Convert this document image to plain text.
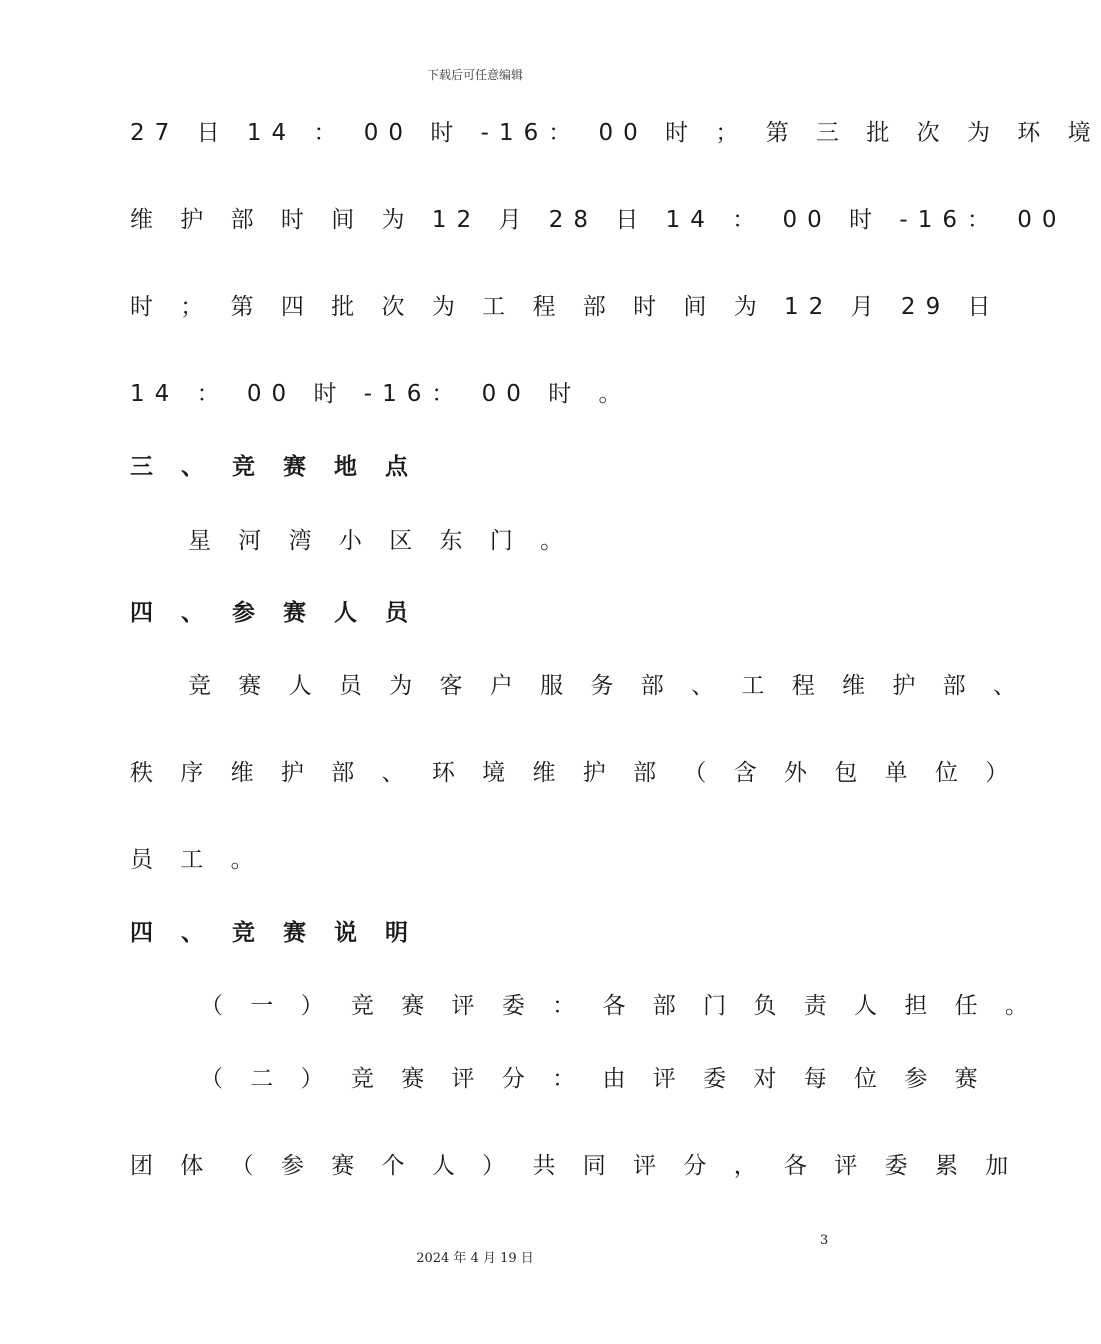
下载后可任意编辑
27 日 14 ： 00 时 -16： 00 时 ； 第 三 批 次 为 环 境
维 护 部 时 间 为 12 月 28 日 14 ： 00 时 -16： 00
时 ； 第 四 批 次 为 工 程 部 时 间 为 12 月 29 日
14 ： 00 时 -16： 00 时 。
三 、 竞 赛 地 点
星 河 湾 小 区 东 门 。
四 、 参 赛 人 员
竞 赛 人 员 为 客 户 服 务 部 、 工 程 维 护 部 、
秩 序 维 护 部 、 环 境 维 护 部 （ 含 外 包 单 位 ）
员 工 。
四 、 竞 赛 说 明
（ 一 ） 竞 赛 评 委 ： 各 部 门 负 责 人 担 任 。
（ 二 ） 竞 赛 评 分 ： 由 评 委 对 每 位 参 赛
团 体 （ 参 赛 个 人 ） 共 同 评 分 ， 各 评 委 累 加
3
2024 年 4 月 19 日
